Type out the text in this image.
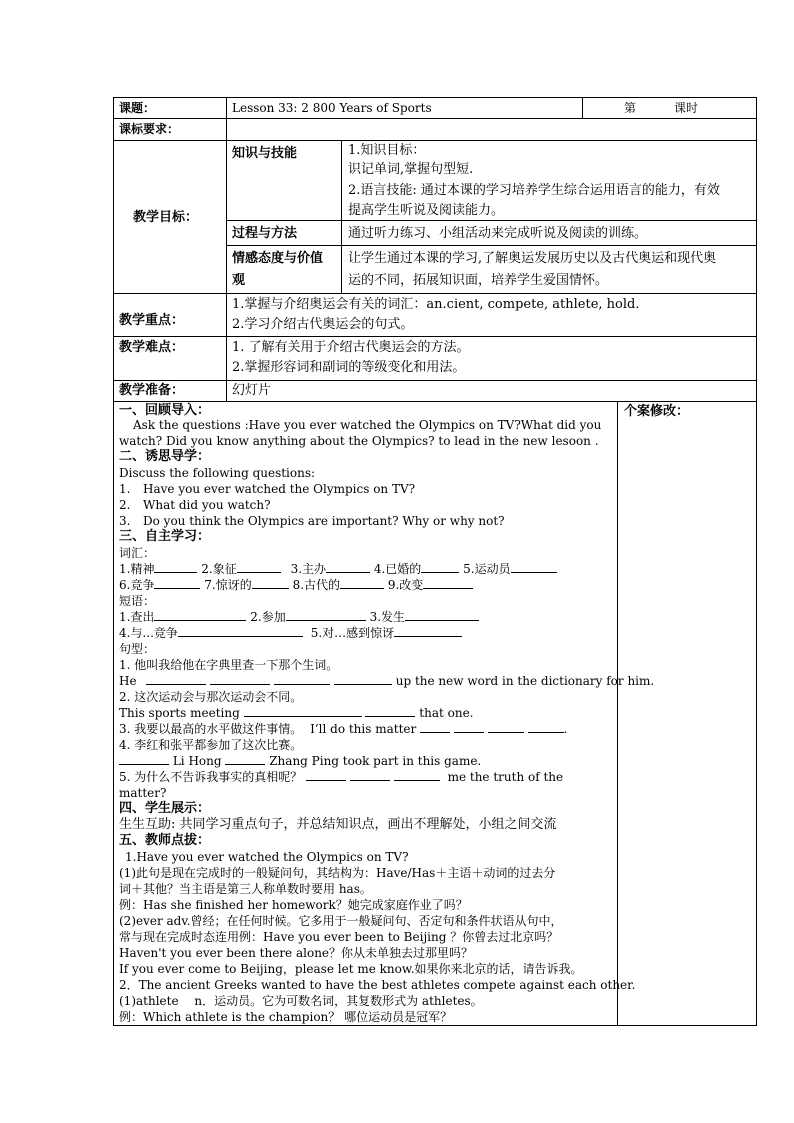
课题：	Lesson 33: 2 800 Years of Sports	第	课时
课标要求：
教学目标：
知识与技能	1.知识目标：
识记单词,掌握句型短.
2.语言技能: 通过本课的学习培养学生综合运用语言的能力，有效
提高学生听说及阅读能力。
过程与方法	通过听力练习、小组活动来完成听说及阅读的训练。
情感态度与价值
观
让学生通过本课的学习,了解奥运发展历史以及古代奥运和现代奥
运的不同，拓展知识面，培养学生爱国情怀。
教学重点：
1.掌握与介绍奥运会有关的词汇：an.cient, compete, athlete, hold.
2.学习介绍古代奥运会的句式。
教学难点：	1. 了解有关用于介绍古代奥运会的方法。
2.掌握形容词和副词的等级变化和用法。
教学准备：	幻灯片
个案修改：
一、回顾导入：
Ask the questions :Have you ever watched the Olympics on TV?What did you
watch? Did you know anything about the Olympics? to lead in the new lesoon .
二、诱思导学：
Discuss the following questions:
1. Have you ever watched the Olympics on TV?
2. What did you watch?
3. Do you think the Olympics are important? Why or why not?
三、自主学习：
词汇：
1.精神	2.象征	3.主办	4.已婚的	5.运动员
6.竞争	7.惊讶的	8.古代的	9.改变
短语：
1.查出	2.参加	3.发生
4.与...竞争	5.对…感到惊讶
句型：
1. 他叫我给他在字典里查一下那个生词。
He	up the new word in the dictionary for him.
2. 这次运动会与那次运动会不同。
This sports meeting	that one.
3. 我要以最高的水平做这件事情。 I’ll do this matter	.
4. 李红和张平都参加了这次比赛。
Li Hong	Zhang Ping took part in this game.
5. 为什么不告诉我事实的真相呢？	me the truth of the
matter?
四、学生展示：
生生互助: 共同学习重点句子，并总结知识点，画出不理解处，小组之间交流
五、教师点拔：
1.Have you ever watched the Olympics on TV?
(1)此句是现在完成时的一般疑问句，其结构为：Have/Has＋主语＋动词的过去分
词＋其他？当主语是第三人称单数时要用 has。
例：Has she finished her homework？她完成家庭作业了吗？
(2)ever adv.曾经；在任何时候。它多用于一般疑问句、否定句和条件状语从句中，
常与现在完成时态连用例：Have you ever been to Beijing ？你曾去过北京吗？
Haven't you ever been there alone？你从未单独去过那里吗？
If you ever come to Beijing，please let me know.如果你来北京的话，请告诉我。
2．The ancient Greeks wanted to have the best athletes compete against each other.
(1)athlete　 n．运动员。它为可数名词，其复数形式为 athletes。
例：Which athlete is the champion？ 哪位运动员是冠军？
